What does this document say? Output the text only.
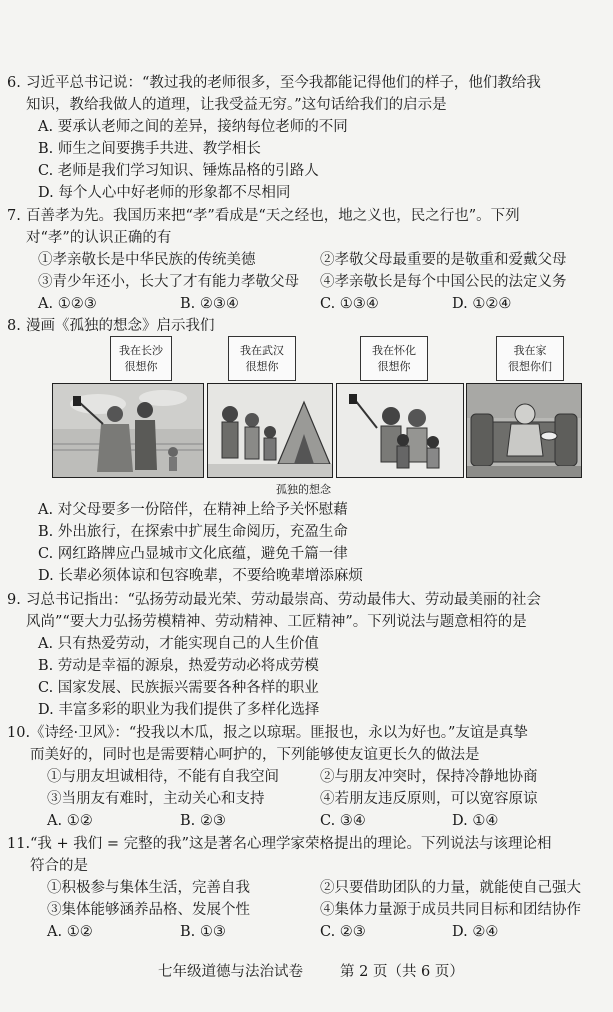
6. 习近平总书记说：“教过我的老师很多，至今我都能记得他们的样子，他们教给我
知识，教给我做人的道理，让我受益无穷。”这句话给我们的启示是
A. 要承认老师之间的差异，接纳每位老师的不同
B. 师生之间要携手共进、教学相长
C. 老师是我们学习知识、锤炼品格的引路人
D. 每个人心中好老师的形象都不尽相同
7. 百善孝为先。我国历来把“孝”看成是“天之经也，地之义也，民之行也”。下列
对“孝”的认识正确的有
①孝亲敬长是中华民族的传统美德	②孝敬父母最重要的是敬重和爱戴父母
③青少年还小，长大了才有能力孝敬父母 ④孝亲敬长是每个中国公民的法定义务
A. ①②③	B. ②③④	C. ①③④	D. ①②④
8. 漫画《孤独的想念》启示我们
我在长沙
很想你
我在武汉
很想你
我在怀化
很想你
我在家
很想你们
孤独的想念
A. 对父母要多一份陪伴，在精神上给予关怀慰藉
B. 外出旅行，在探索中扩展生命阅历，充盈生命
C. 网红路牌应凸显城市文化底蕴，避免千篇一律
D. 长辈必须体谅和包容晚辈，不要给晚辈增添麻烦
9. 习总书记指出：“弘扬劳动最光荣、劳动最崇高、劳动最伟大、劳动最美丽的社会
风尚”“要大力弘扬劳模精神、劳动精神、工匠精神”。下列说法与题意相符的是
A. 只有热爱劳动，才能实现自己的人生价值
B. 劳动是幸福的源泉，热爱劳动必将成劳模
C. 国家发展、民族振兴需要各种各样的职业
D. 丰富多彩的职业为我们提供了多样化选择
10. 《诗经·卫风》：“投我以木瓜，报之以琼琚。匪报也，永以为好也。”友谊是真挚
而美好的，同时也是需要精心呵护的，下列能够使友谊更长久的做法是
①与朋友坦诚相待，不能有自我空间	②与朋友冲突时，保持冷静地协商
③当朋友有难时，主动关心和支持	④若朋友违反原则，可以宽容原谅
A. ①②	B. ②③	C. ③④	D. ①④
11. “我 + 我们 = 完整的我”这是著名心理学家荣格提出的理论。下列说法与该理论相
符合的是
①积极参与集体生活，完善自我	②只要借助团队的力量，就能使自己强大
③集体能够涵养品格、发展个性	④集体力量源于成员共同目标和团结协作
A. ①②	B. ①③	C. ②③	D. ②④
七年级道德与法治试卷	第 2 页（共 6 页）
